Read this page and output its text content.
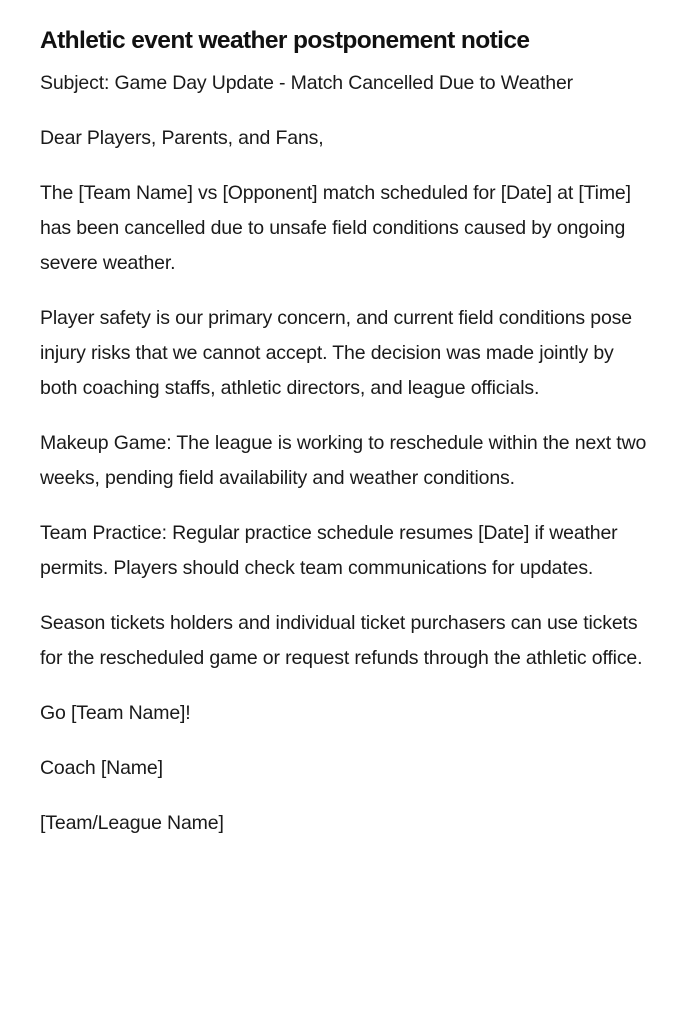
Athletic event weather postponement notice

Subject: Game Day Update - Match Cancelled Due to Weather

Dear Players, Parents, and Fans,

The [Team Name] vs [Opponent] match scheduled for [Date] at [Time] has been cancelled due to unsafe field conditions caused by ongoing severe weather.

Player safety is our primary concern, and current field conditions pose injury risks that we cannot accept. The decision was made jointly by both coaching staffs, athletic directors, and league officials.

Makeup Game: The league is working to reschedule within the next two weeks, pending field availability and weather conditions.

Team Practice: Regular practice schedule resumes [Date] if weather permits. Players should check team communications for updates.

Season tickets holders and individual ticket purchasers can use tickets for the rescheduled game or request refunds through the athletic office.

Go [Team Name]!

Coach [Name]

[Team/League Name]
